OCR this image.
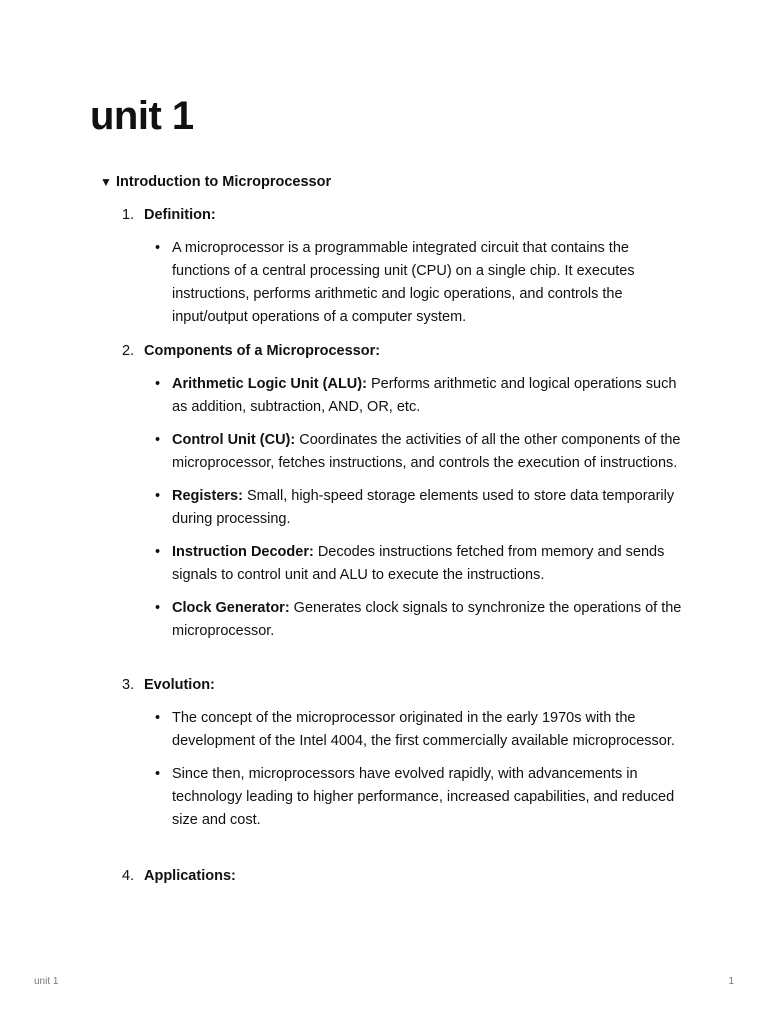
unit 1
▼ Introduction to Microprocessor
1. Definition:
• A microprocessor is a programmable integrated circuit that contains the functions of a central processing unit (CPU) on a single chip. It executes instructions, performs arithmetic and logic operations, and controls the input/output operations of a computer system.
2. Components of a Microprocessor:
• Arithmetic Logic Unit (ALU): Performs arithmetic and logical operations such as addition, subtraction, AND, OR, etc.
• Control Unit (CU): Coordinates the activities of all the other components of the microprocessor, fetches instructions, and controls the execution of instructions.
• Registers: Small, high-speed storage elements used to store data temporarily during processing.
• Instruction Decoder: Decodes instructions fetched from memory and sends signals to control unit and ALU to execute the instructions.
• Clock Generator: Generates clock signals to synchronize the operations of the microprocessor.
3. Evolution:
• The concept of the microprocessor originated in the early 1970s with the development of the Intel 4004, the first commercially available microprocessor.
• Since then, microprocessors have evolved rapidly, with advancements in technology leading to higher performance, increased capabilities, and reduced size and cost.
4. Applications:
unit 1	1
